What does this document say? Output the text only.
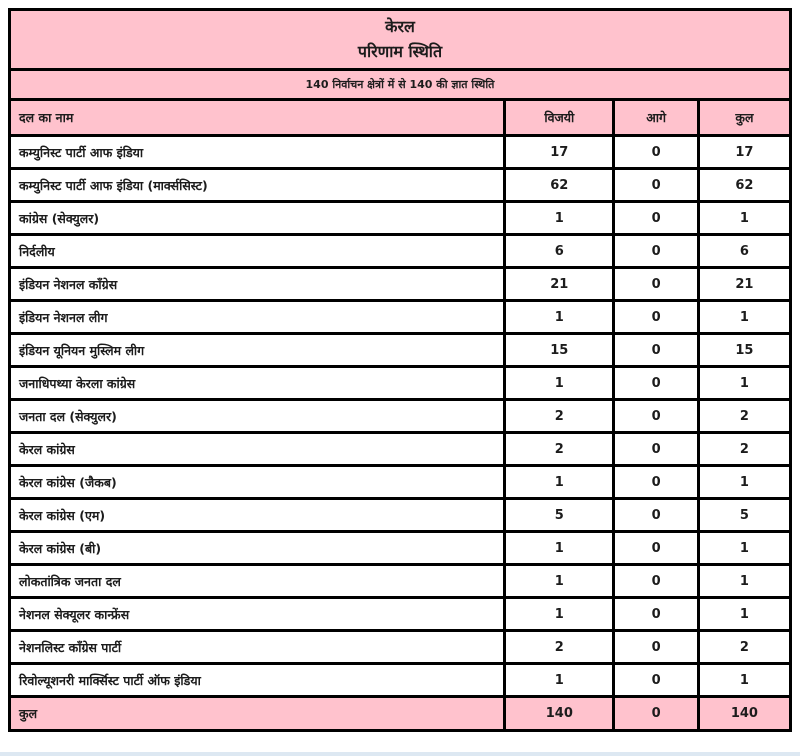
केरल
परिणाम स्थिति			

140 निर्वाचन क्षेत्रों में से 140 की ज्ञात स्थिति			
दल का नाम	विजयी	आगे	कुल
कम्युनिस्ट पार्टी आफ इंडिया	17	0	17
कम्युनिस्ट पार्टी आफ इंडिया (मार्क्ससिस्ट)	62	0	62
कांग्रेस (सेक्युलर)	1	0	1
निर्दलीय	6	0	6
इंडियन नेशनल काँग्रेस	21	0	21
इंडियन नेशनल लीग	1	0	1
इंडियन यूनियन मुस्लिम लीग	15	0	15
जनाधिपथ्या केरला कांग्रेस	1	0	1
जनता दल (सेक्युलर)	2	0	2
केरल कांग्रेस	2	0	2
केरल कांग्रेस (जैकब)	1	0	1
केरल कांग्रेस (एम)	5	0	5
केरल कांग्रेस (बी)	1	0	1
लोकतांत्रिक जनता दल	1	0	1
नेशनल सेक्यूलर कान्फ्रेंस	1	0	1
नेशनलिस्ट काँग्रेस पार्टी	2	0	2
रिवोल्यूशनरी मार्क्सिस्ट पार्टी ऑफ इंडिया	1	0	1
कुल	140	0	140
